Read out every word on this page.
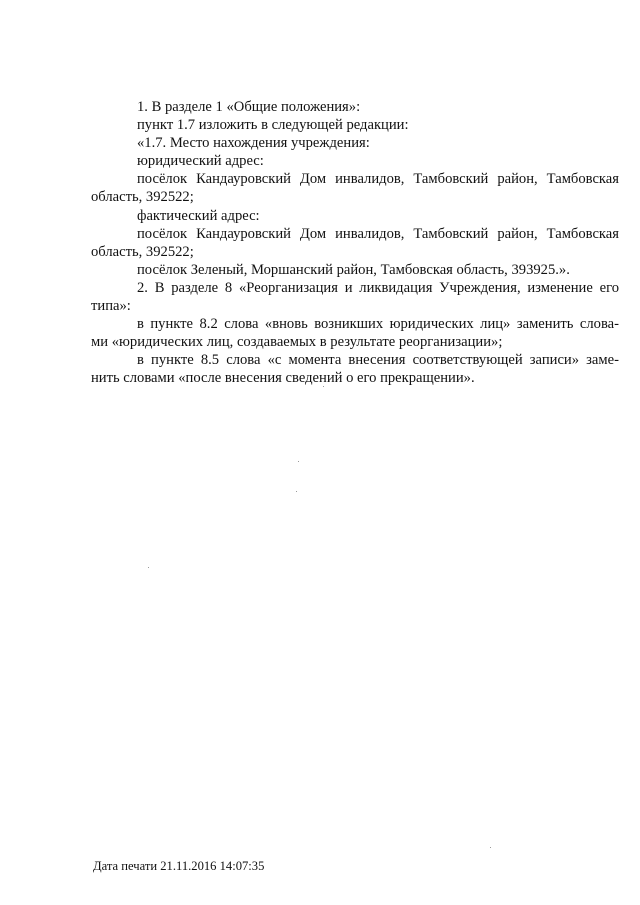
1. В разделе 1 «Общие положения»:
пункт 1.7 изложить в следующей редакции:
«1.7. Место нахождения учреждения:
юридический адрес:
посёлок Кандауровский Дом инвалидов, Тамбовский район, Тамбовская
область, 392522;
фактический адрес:
посёлок Кандауровский Дом инвалидов, Тамбовский район, Тамбовская
область, 392522;
посёлок Зеленый, Моршанский район, Тамбовская область, 393925.».
2. В разделе 8 «Реорганизация и ликвидация Учреждения, изменение его
типа»:
в пункте 8.2 слова «вновь возникших юридических лиц» заменить слова-
ми «юридических лиц, создаваемых в результате реорганизации»;
в пункте 8.5 слова «с момента внесения соответствующей записи» заме-
нить словами «после внесения сведений о его прекращении».
Дата печати 21.11.2016 14:07:35
